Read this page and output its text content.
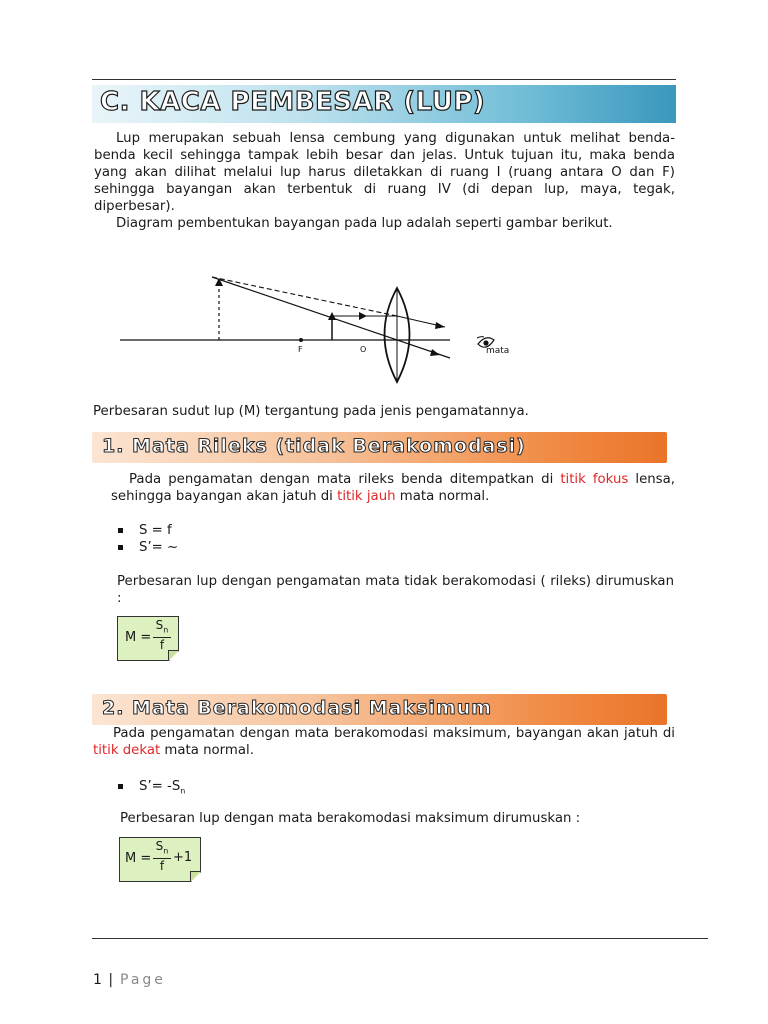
C. KACA PEMBESAR (LUP)
Lup merupakan sebuah lensa cembung yang digunakan untuk melihat benda-benda kecil sehingga tampak lebih besar dan jelas. Untuk tujuan itu, maka benda yang akan dilihat melalui lup harus diletakkan di ruang I (ruang antara O dan F) sehingga bayangan akan terbentuk di ruang IV (di depan lup, maya, tegak, diperbesar).
Diagram pembentukan bayangan pada lup adalah seperti gambar berikut.
F	O	mata
Perbesaran sudut lup (M) tergantung pada jenis pengamatannya.
1. Mata Rileks (tidak Berakomodasi)
Pada pengamatan dengan mata rileks benda ditempatkan di titik fokus lensa, sehingga bayangan akan jatuh di titik jauh mata normal.
S = f
S’= ~
Perbesaran lup dengan pengamatan mata tidak berakomodasi ( rileks) dirumuskan :
M =
$S_n$
f
2. Mata Berakomodasi Maksimum
Pada pengamatan dengan mata berakomodasi maksimum, bayangan akan jatuh di titik dekat mata normal.
S’= $-S_n$
Perbesaran lup dengan mata berakomodasi maksimum dirumuskan :
M =
$S_n$
f
+1
1 | Page
